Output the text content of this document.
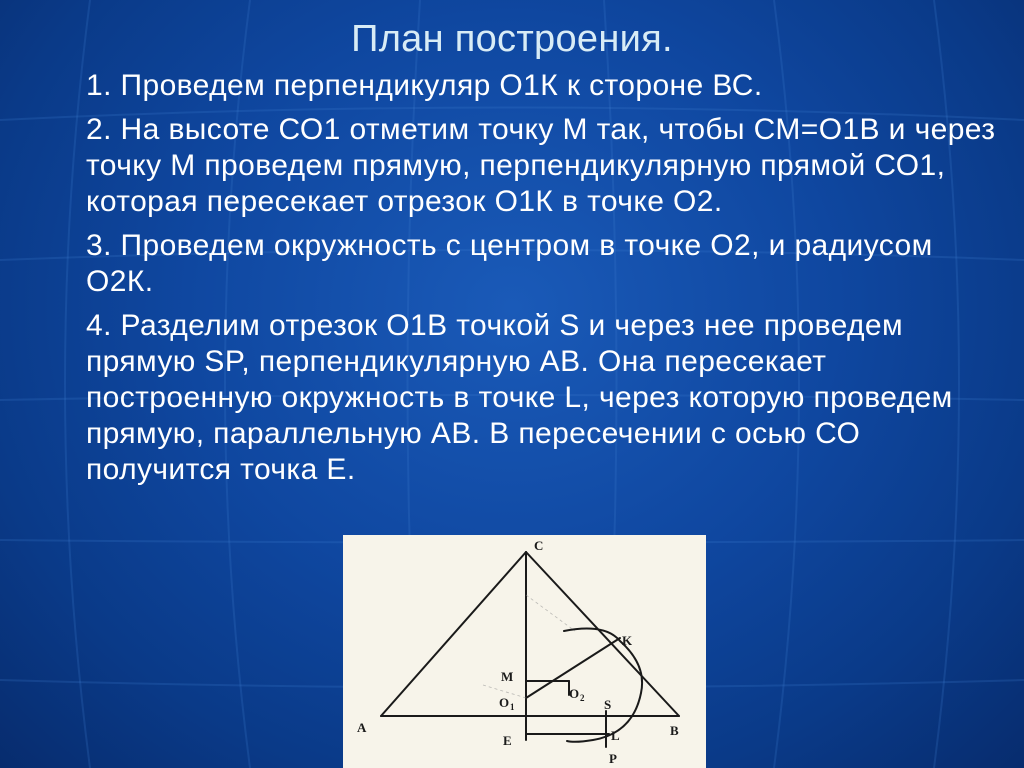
План построения.

1. Проведем перпендикуляр О1К к стороне ВС.

2. На высоте СО1 отметим точку М так, чтобы СМ=О1В и через точку М проведем прямую, перпендикулярную прямой СО1, которая пересекает отрезок О1К в точке О2.

3. Проведем окружность с центром в точке О2, и радиусом О2К.

4. Разделим отрезок О1В точкой S и через нее проведем прямую SP, перпендикулярную АВ. Она пересекает построенную окружность в точке L, через которую проведем прямую, параллельную АВ. В пересечении с осью СО получится точка Е.

C
K
M
O 2
O 1	S
A	B
E	L
P
